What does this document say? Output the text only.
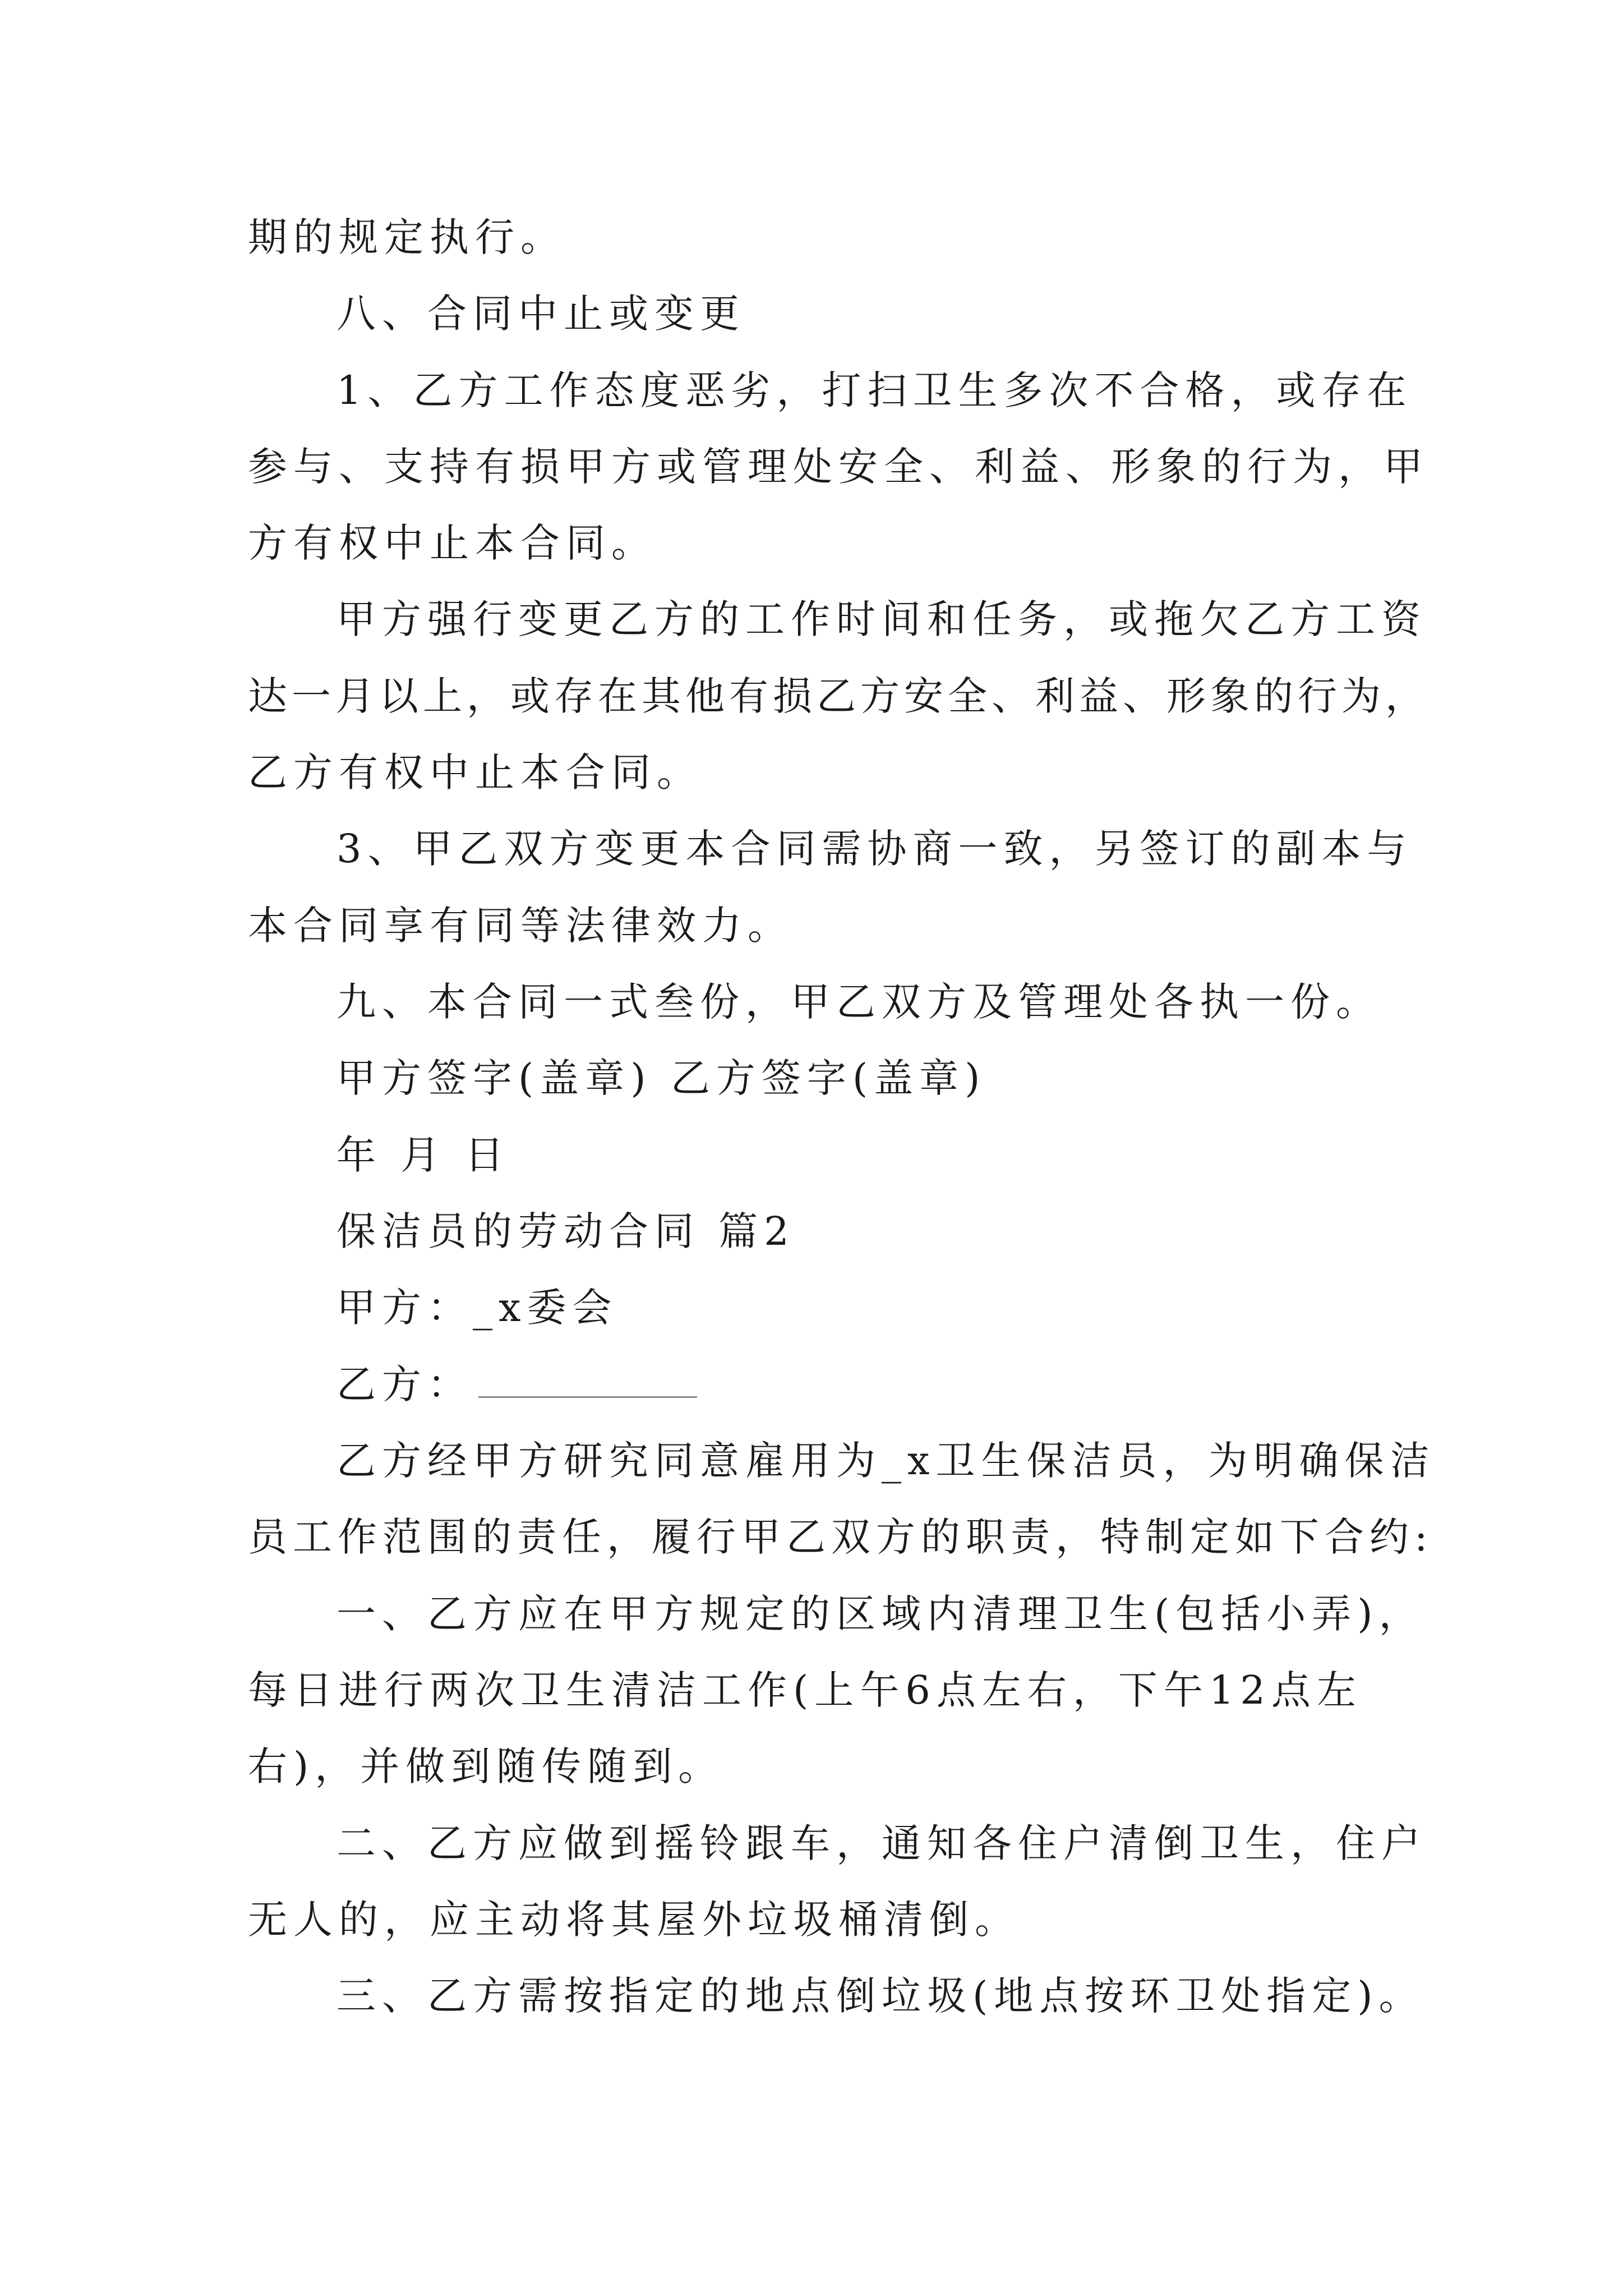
期的规定执行。
八、合同中止或变更
1、乙方工作态度恶劣，打扫卫生多次不合格，或存在
参与、支持有损甲方或管理处安全、利益、形象的行为，甲
方有权中止本合同。
甲方强行变更乙方的工作时间和任务，或拖欠乙方工资
达一月以上，或存在其他有损乙方安全、利益、形象的行为，
乙方有权中止本合同。
3、甲乙双方变更本合同需协商一致，另签订的副本与
本合同享有同等法律效力。
九、本合同一式叁份，甲乙双方及管理处各执一份。
甲方签字(盖章) 乙方签字(盖章)
年 月 日
保洁员的劳动合同 篇2
甲方：_x委会
乙方：
乙方经甲方研究同意雇用为_x卫生保洁员，为明确保洁
员工作范围的责任，履行甲乙双方的职责，特制定如下合约:
一、乙方应在甲方规定的区域内清理卫生(包括小弄)，
每日进行两次卫生清洁工作(上午6点左右，下午12点左
右)，并做到随传随到。
二、乙方应做到摇铃跟车，通知各住户清倒卫生，住户
无人的，应主动将其屋外垃圾桶清倒。
三、乙方需按指定的地点倒垃圾(地点按环卫处指定)。
